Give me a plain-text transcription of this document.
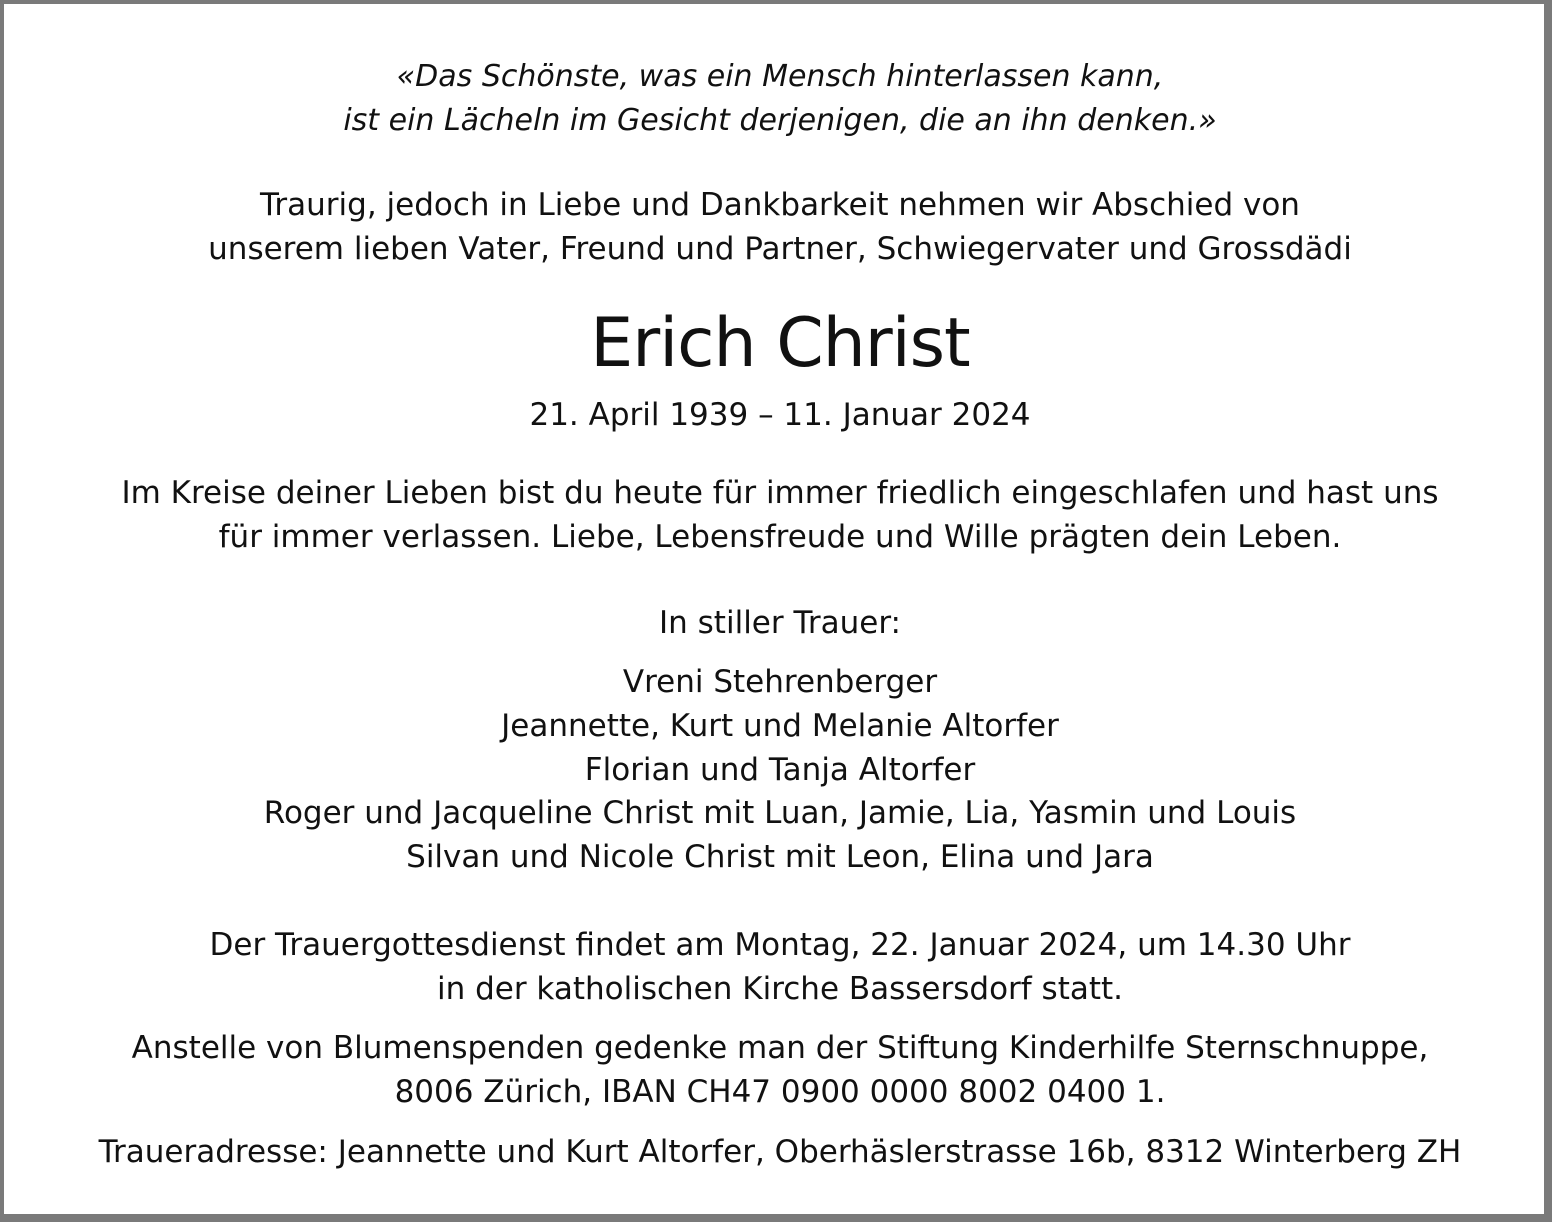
«Das Schönste, was ein Mensch hinterlassen kann,
ist ein Lächeln im Gesicht derjenigen, die an ihn denken.»
Traurig, jedoch in Liebe und Dankbarkeit nehmen wir Abschied von
unserem lieben Vater, Freund und Partner, Schwiegervater und Grossdädi
Erich Christ
21. April 1939 – 11. Januar 2024
Im Kreise deiner Lieben bist du heute für immer friedlich eingeschlafen und hast uns
für immer verlassen. Liebe, Lebensfreude und Wille prägten dein Leben.
In stiller Trauer:
Vreni Stehrenberger
Jeannette, Kurt und Melanie Altorfer
Florian und Tanja Altorfer
Roger und Jacqueline Christ mit Luan, Jamie, Lia, Yasmin und Louis
Silvan und Nicole Christ mit Leon, Elina und Jara
Der Trauergottesdienst findet am Montag, 22. Januar 2024, um 14.30 Uhr
in der katholischen Kirche Bassersdorf statt.
Anstelle von Blumenspenden gedenke man der Stiftung Kinderhilfe Sternschnuppe,
8006 Zürich, IBAN CH47 0900 0000 8002 0400 1.
Traueradresse: Jeannette und Kurt Altorfer, Oberhäslerstrasse 16b, 8312 Winterberg ZH
